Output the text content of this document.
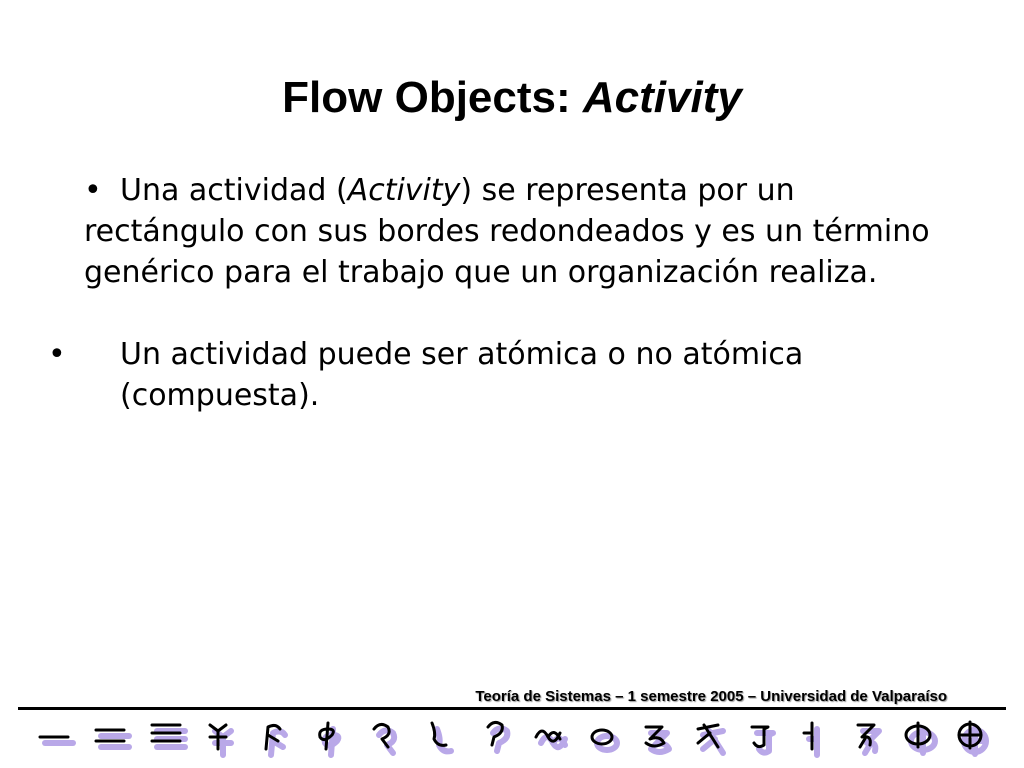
Flow Objects: Activity

• Una actividad (Activity) se representa por un rectángulo con sus bordes redondeados y es un término genérico para el trabajo que un organización realiza.

• Un actividad puede ser atómica o no atómica (compuesta).

Teoría de Sistemas – 1 semestre 2005 – Universidad de Valparaíso
